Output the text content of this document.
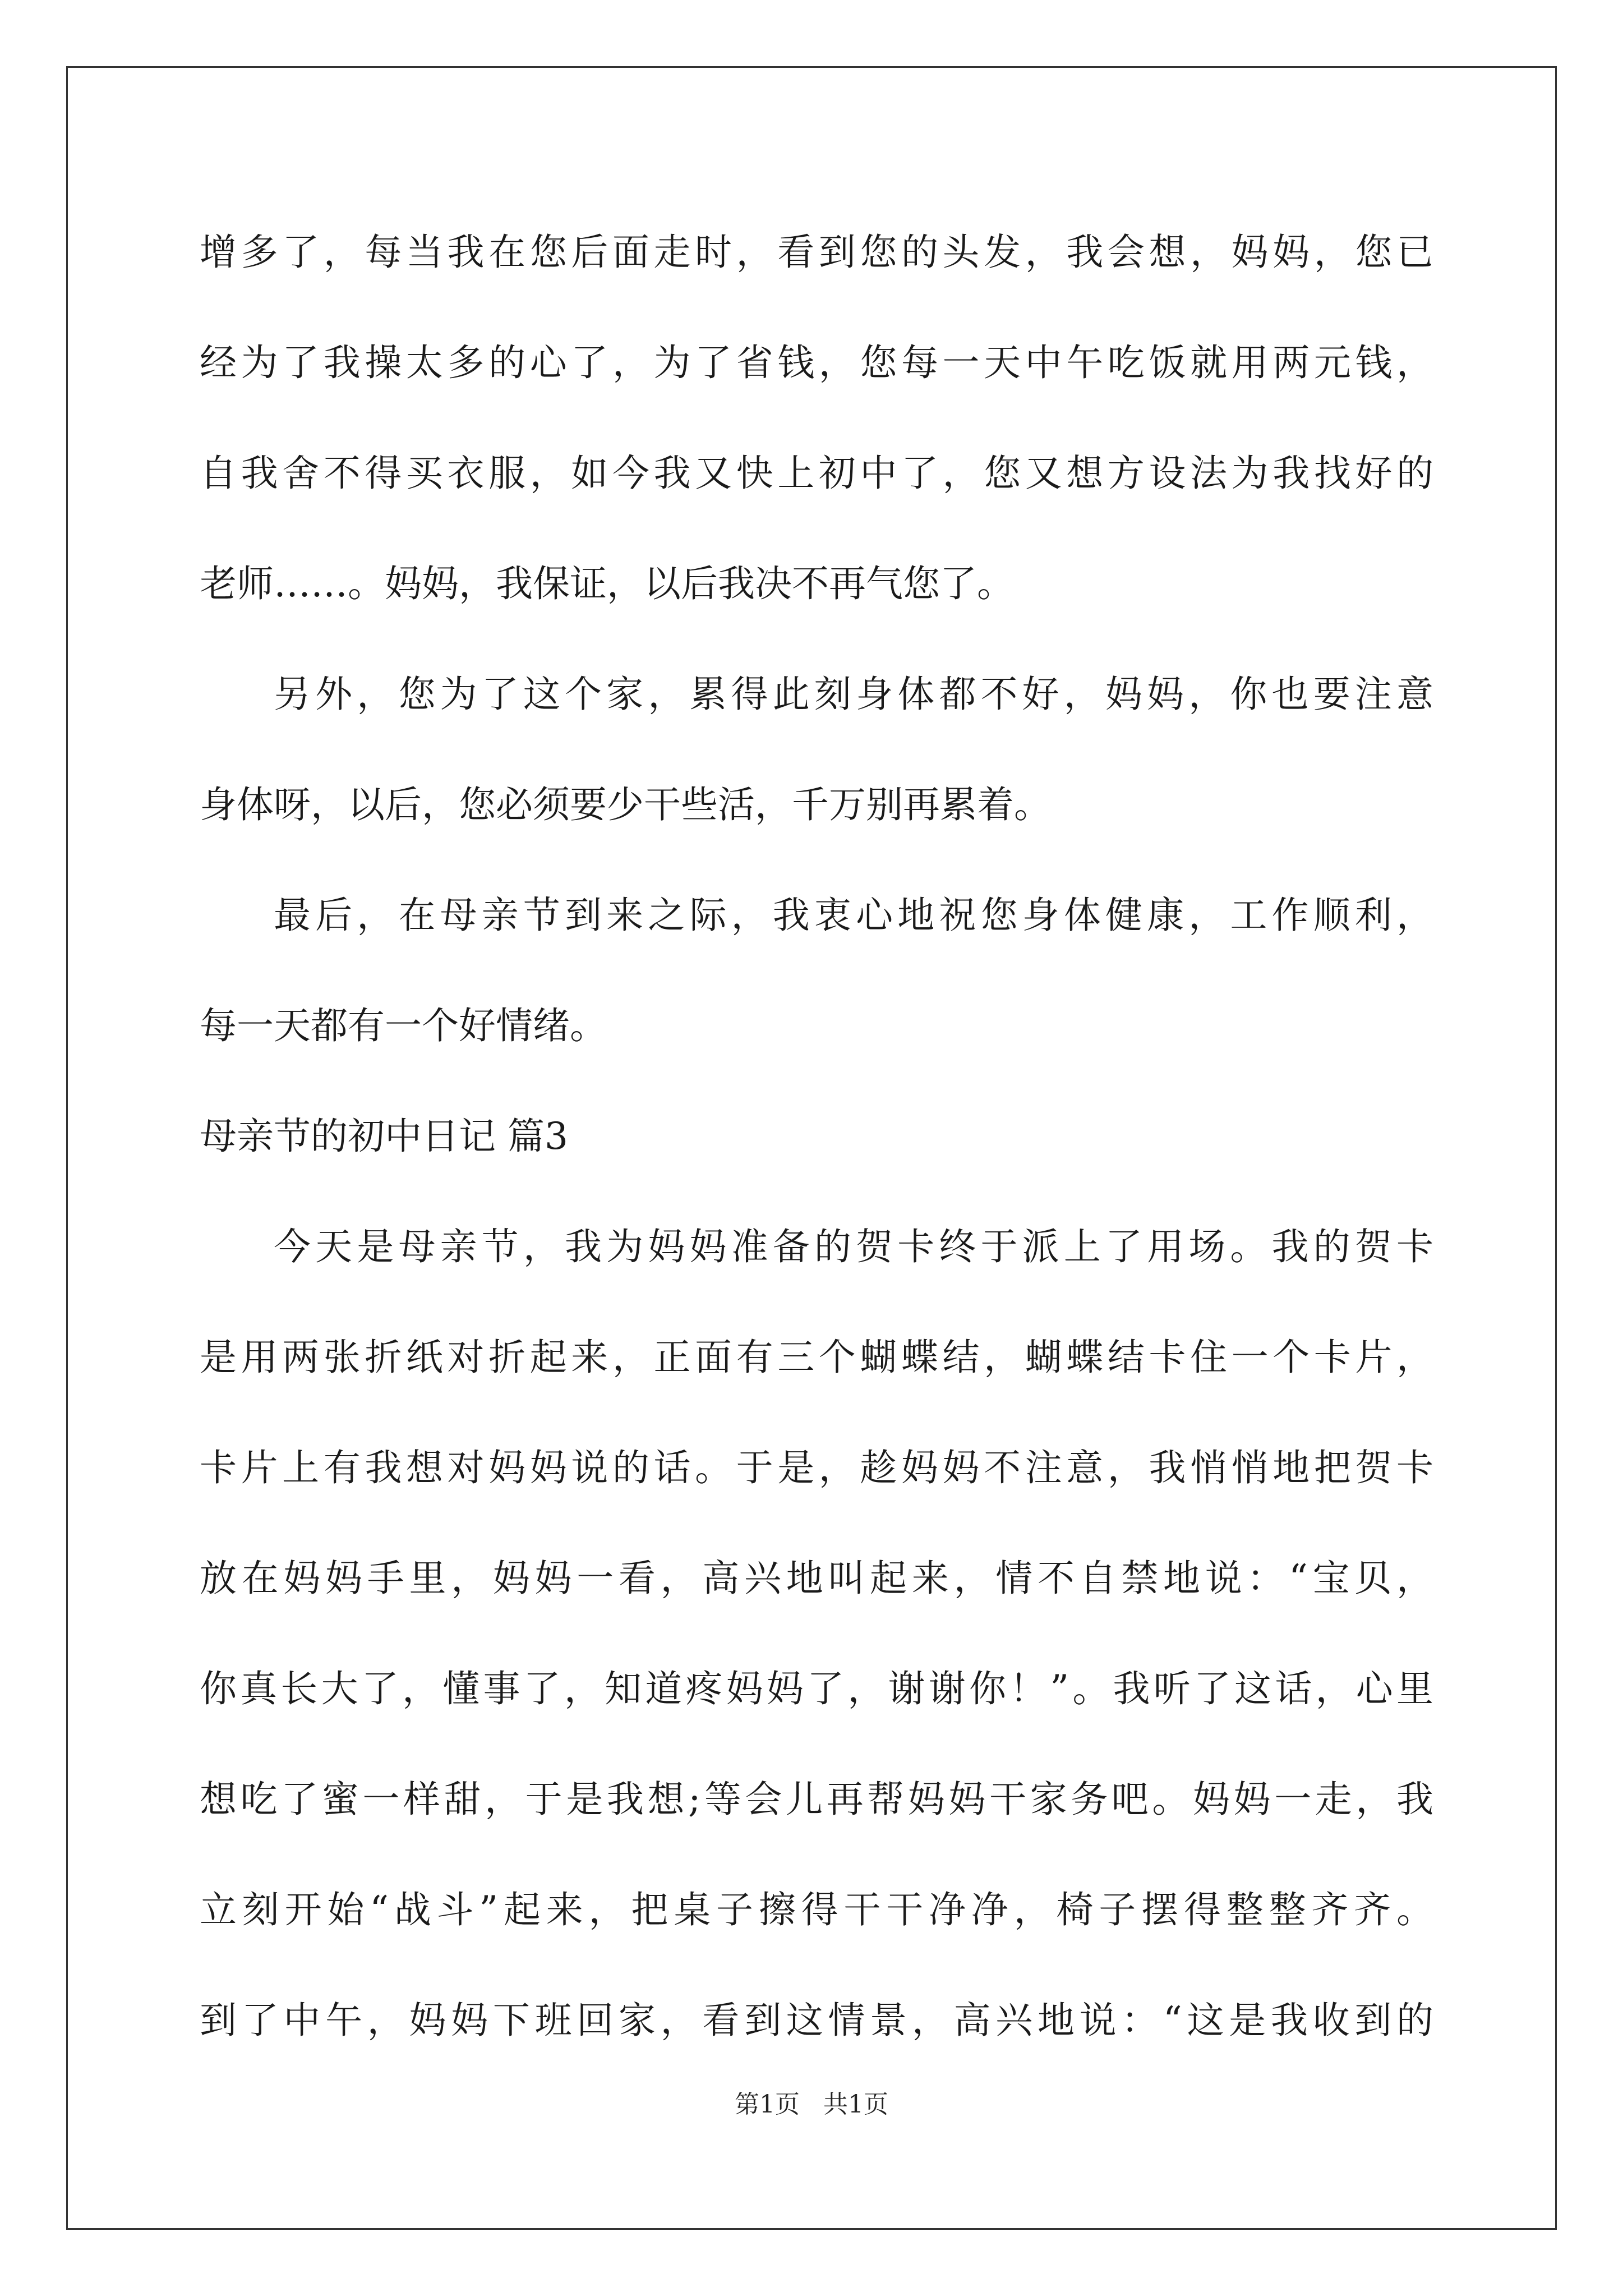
增多了，每当我在您后面走时，看到您的头发，我会想，妈妈，您已
经为了我操太多的心了，为了省钱，您每一天中午吃饭就用两元钱，
自我舍不得买衣服，如今我又快上初中了，您又想方设法为我找好的
老师……。妈妈，我保证，以后我决不再气您了。
另外，您为了这个家，累得此刻身体都不好，妈妈，你也要注意
身体呀，以后，您必须要少干些活，千万别再累着。
最后，在母亲节到来之际，我衷心地祝您身体健康，工作顺利，
每一天都有一个好情绪。
母亲节的初中日记 篇3
今天是母亲节，我为妈妈准备的贺卡终于派上了用场。我的贺卡
是用两张折纸对折起来，正面有三个蝴蝶结，蝴蝶结卡住一个卡片，
卡片上有我想对妈妈说的话。于是，趁妈妈不注意，我悄悄地把贺卡
放在妈妈手里，妈妈一看，高兴地叫起来，情不自禁地说：“宝贝，
你真长大了，懂事了，知道疼妈妈了，谢谢你！”。我听了这话，心里
想吃了蜜一样甜，于是我想;等会儿再帮妈妈干家务吧。妈妈一走，我
立刻开始“战斗”起来，把桌子擦得干干净净，椅子摆得整整齐齐。
到了中午，妈妈下班回家，看到这情景，高兴地说：“这是我收到的
第1页   共1页
